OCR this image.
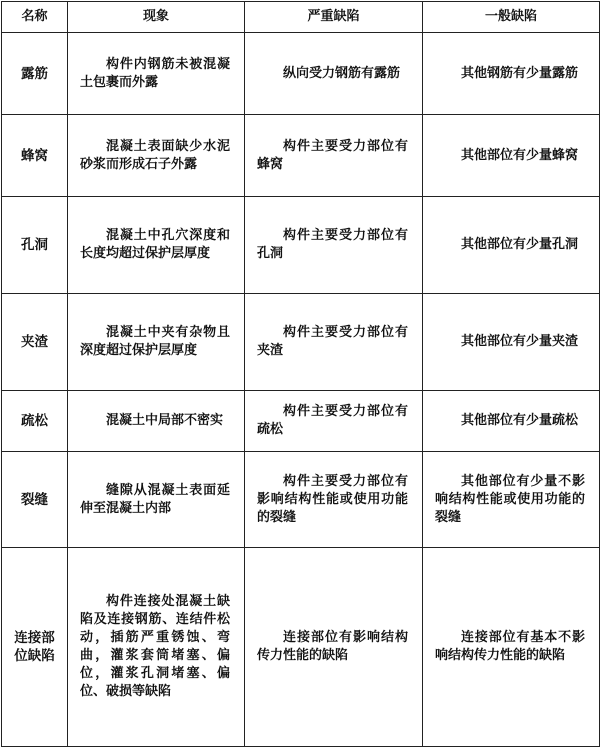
名称	现象	严重缺陷	一般缺陷
露筋	构件内钢筋未被混凝土包裹而外露	纵向受力钢筋有露筋	其他钢筋有少量露筋
蜂窝	混凝土表面缺少水泥砂浆而形成石子外露	构件主要受力部位有蜂窝	其他部位有少量蜂窝
孔洞	混凝土中孔穴深度和长度均超过保护层厚度	构件主要受力部位有孔洞	其他部位有少量孔洞
夹渣	混凝土中夹有杂物且深度超过保护层厚度	构件主要受力部位有夹渣	其他部位有少量夹渣
疏松	混凝土中局部不密实	构件主要受力部位有疏松	其他部位有少量疏松
裂缝	缝隙从混凝土表面延伸至混凝土内部	构件主要受力部位有影响结构性能或使用功能的裂缝	其他部位有少量不影响结构性能或使用功能的裂缝
连接部位缺陷	构件连接处混凝土缺陷及连接钢筋、连结件松动，插筋严重锈蚀、弯曲，灌浆套筒堵塞、偏位，灌浆孔洞堵塞、偏位、破损等缺陷	连接部位有影响结构传力性能的缺陷	连接部位有基本不影响结构传力性能的缺陷
